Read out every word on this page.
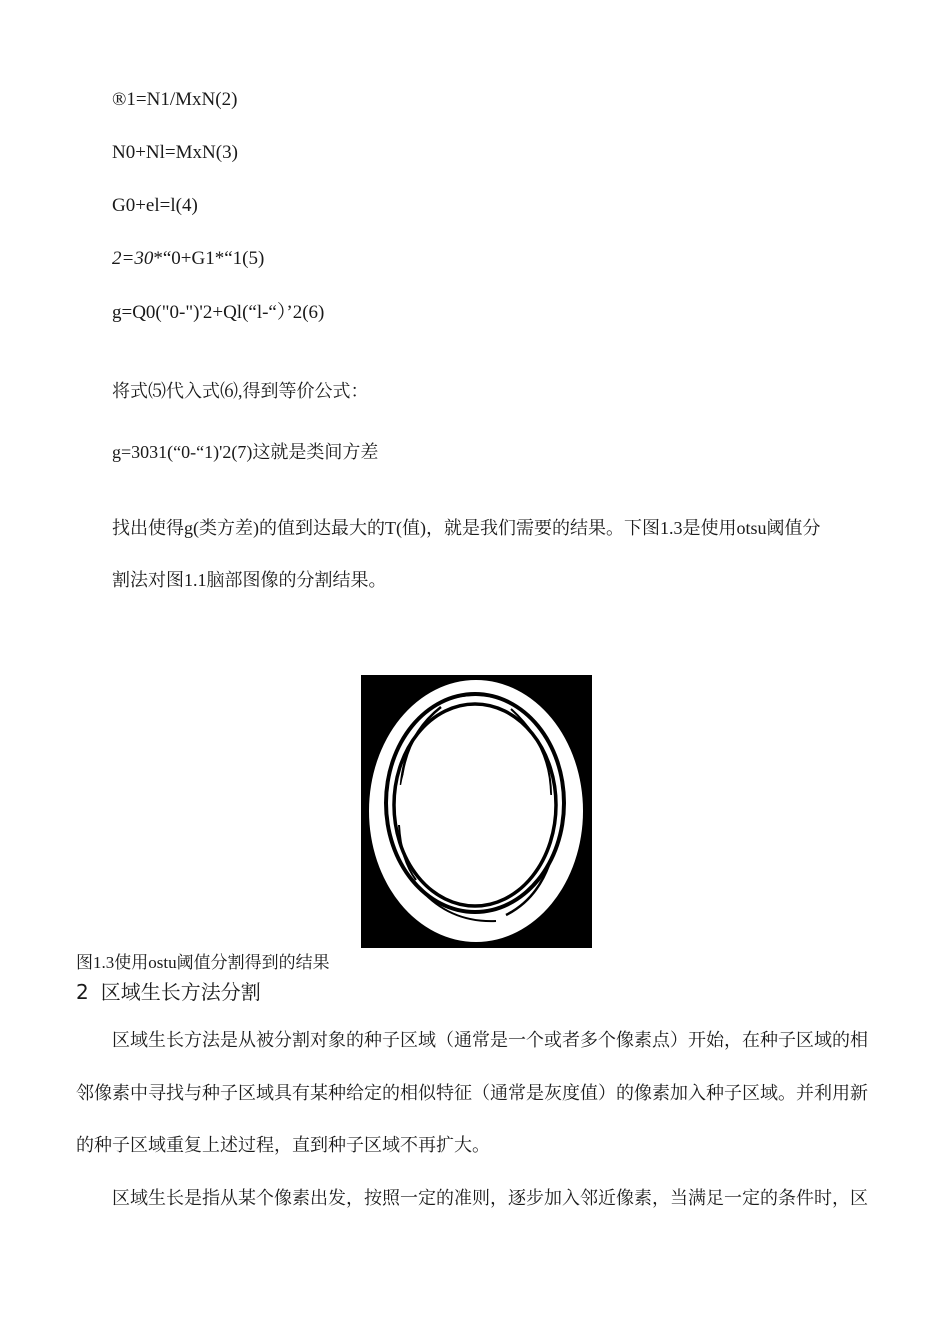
®1=N1/MxN(2)
N0+Nl=MxN(3)
G0+el=l(4)
2=30*“0+G1*“1(5)
g=Q0("0-")'2+Ql(“l-“）’2(6)
将式⑸代入式⑹,得到等价公式：
g=3031(“0-“1)'2(7)这就是类间方差
找出使得g(类方差)的值到达最大的T(值)，就是我们需要的结果。下图1.3是使用otsu阈值分
割法对图1.1脑部图像的分割结果。
图1.3使用ostu阈值分割得到的结果
2 区域生长方法分割
区域生长方法是从被分割对象的种子区域（通常是一个或者多个像素点）开始，在种子区域的相
邻像素中寻找与种子区域具有某种给定的相似特征（通常是灰度值）的像素加入种子区域。并利用新
的种子区域重复上述过程，直到种子区域不再扩大。
区域生长是指从某个像素出发，按照一定的准则，逐步加入邻近像素，当满足一定的条件时，区
